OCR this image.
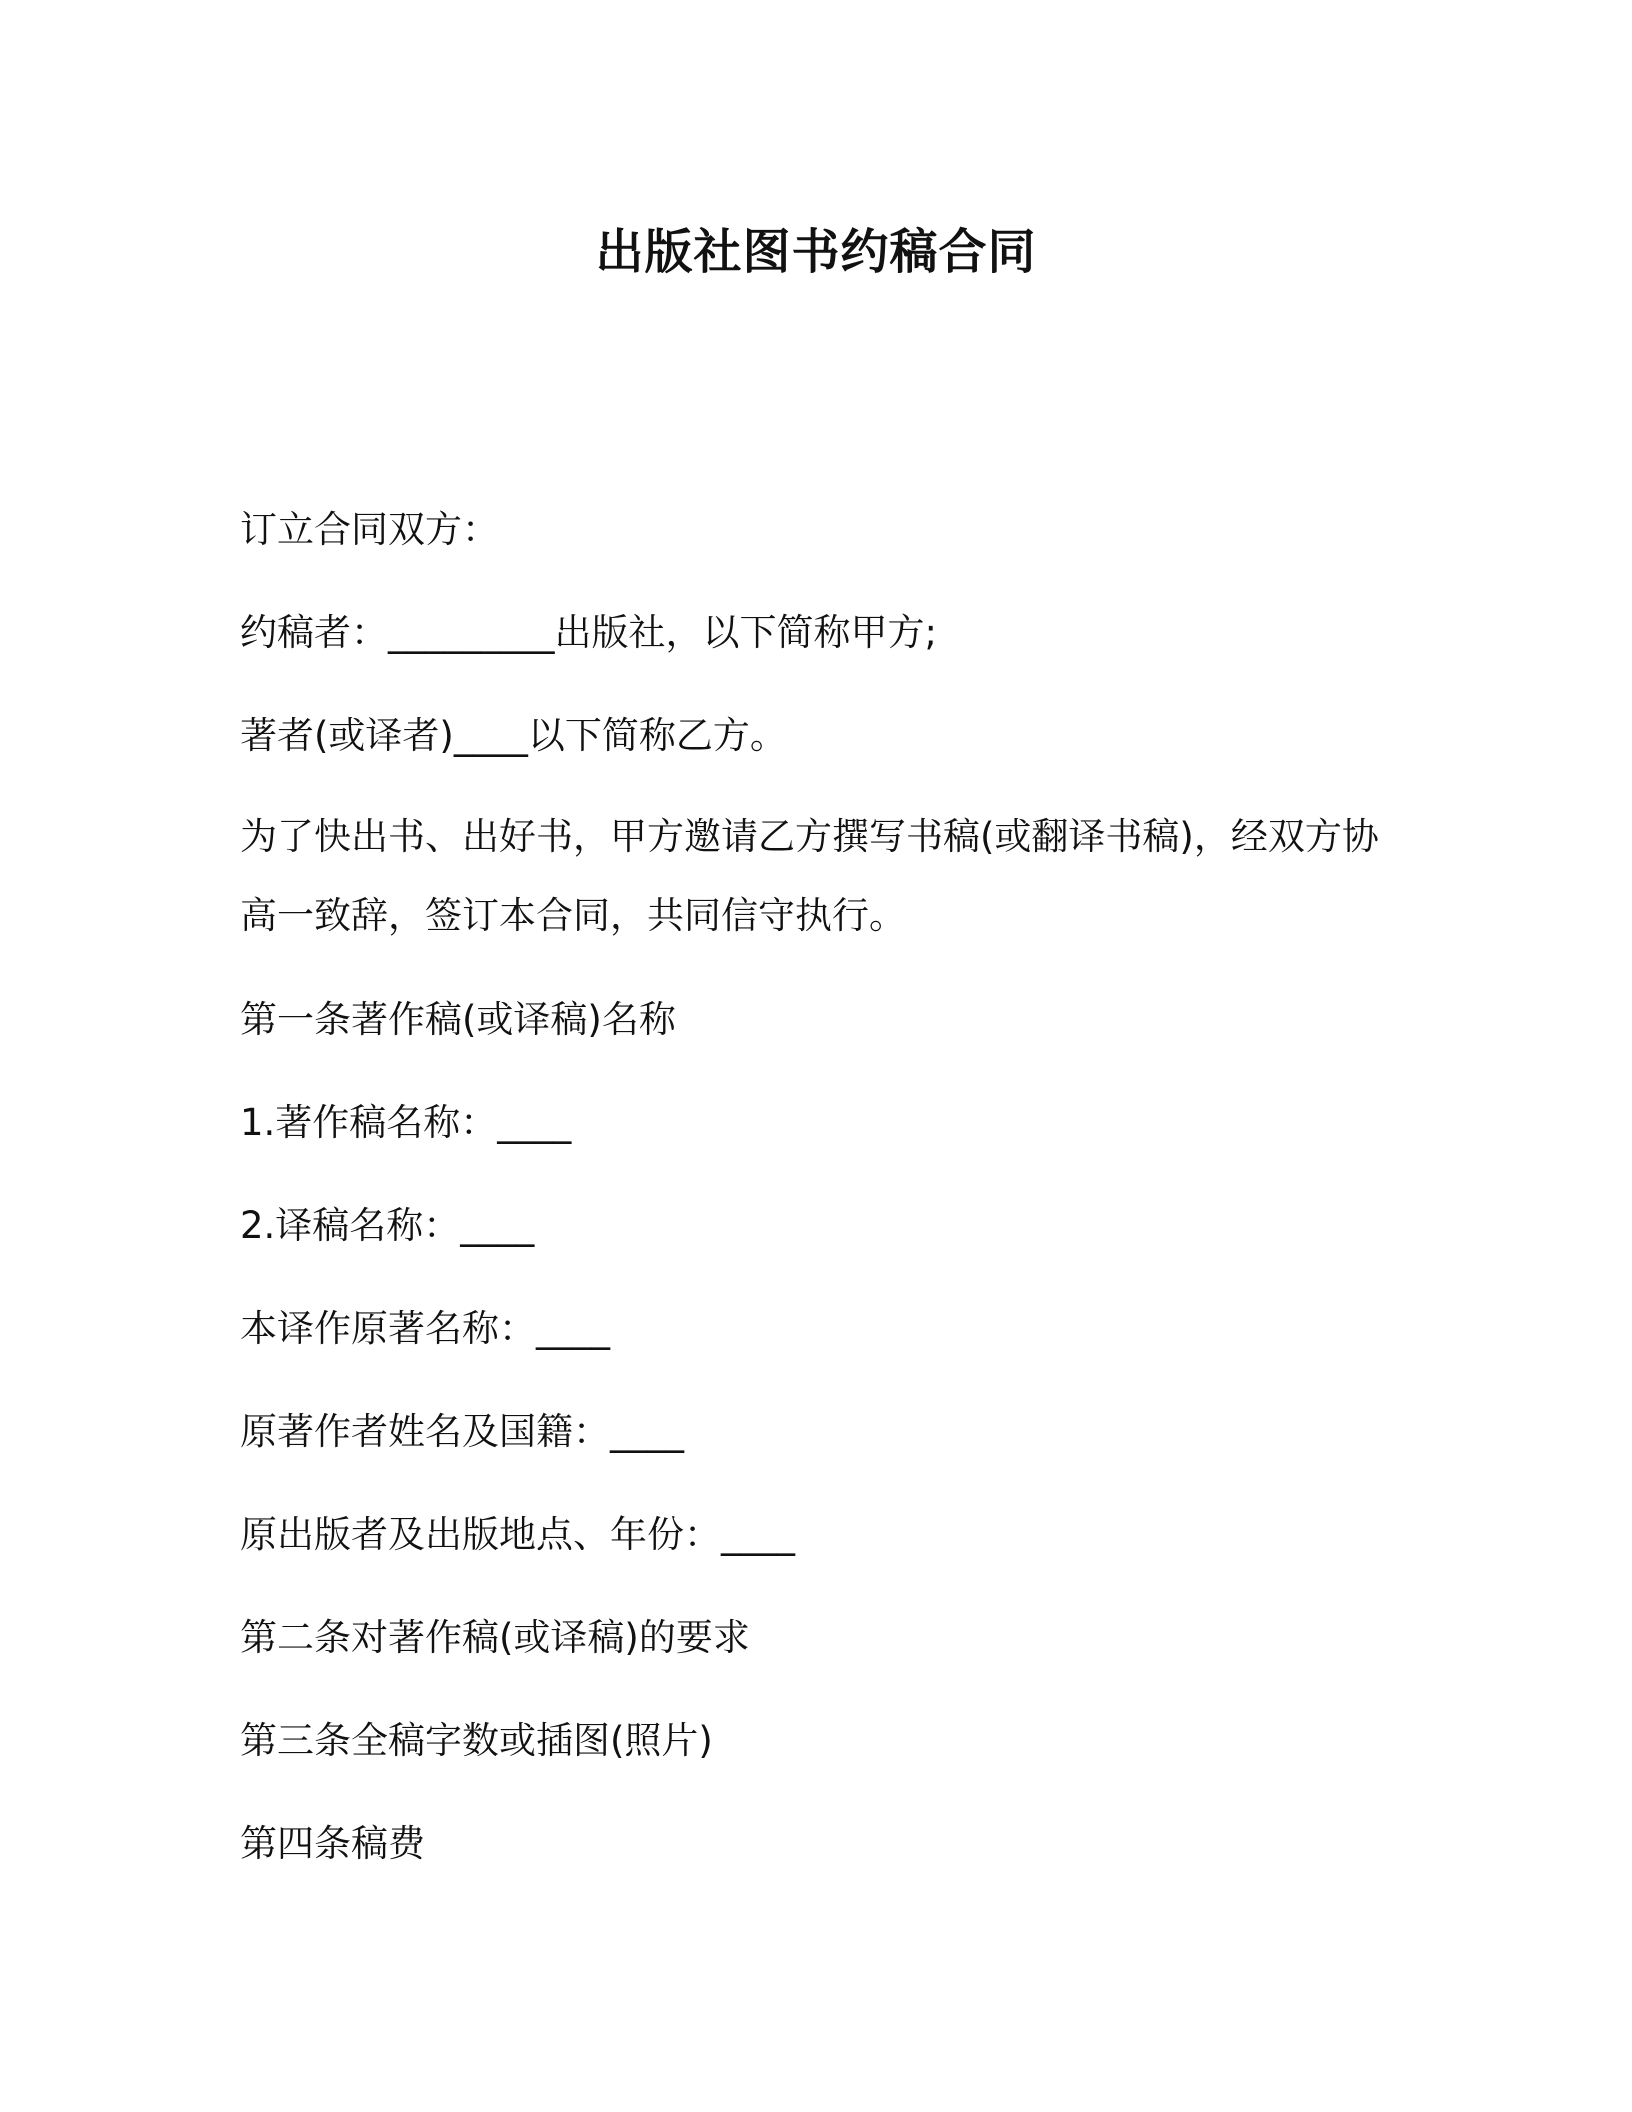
出版社图书约稿合同

订立合同双方：

约稿者：_________出版社，以下简称甲方;

著者(或译者)____以下简称乙方。

为了快出书、出好书，甲方邀请乙方撰写书稿(或翻译书稿)，经双方协

高一致辞，签订本合同，共同信守执行。

第一条著作稿(或译稿)名称

1.著作稿名称：____

2.译稿名称：____

本译作原著名称：____

原著作者姓名及国籍：____

原出版者及出版地点、年份：____

第二条对著作稿(或译稿)的要求

第三条全稿字数或插图(照片)

第四条稿费
